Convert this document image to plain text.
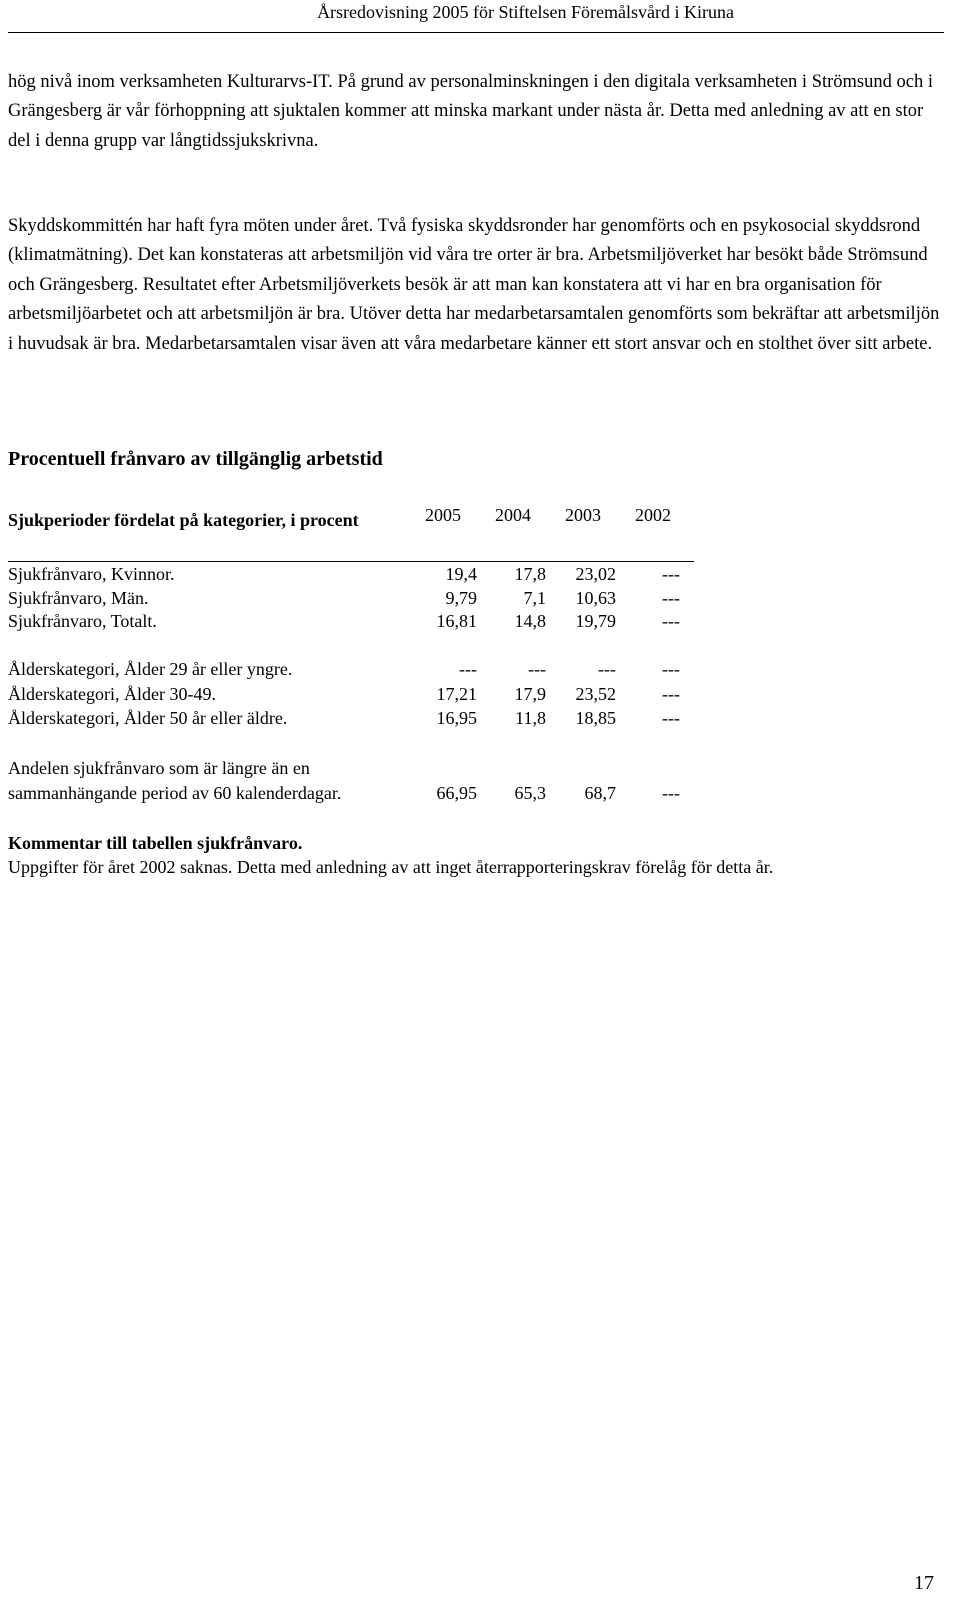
Årsredovisning 2005 för Stiftelsen Föremålsvård i Kiruna

hög nivå inom verksamheten Kulturarvs-IT. På grund av personalminskningen i den digitala verksamheten i Strömsund och i Grängesberg är vår förhoppning att sjuktalen kommer att minska markant under nästa år. Detta med anledning av att en stor del i denna grupp var långtidssjukskrivna.

Skyddskommittén har haft fyra möten under året. Två fysiska skyddsronder har genomförts och en psykosocial skyddsrond (klimatmätning). Det kan konstateras att arbetsmiljön vid våra tre orter är bra. Arbetsmiljöverket har besökt både Strömsund och Grängesberg. Resultatet efter Arbetsmiljöverkets besök är att man kan konstatera att vi har en bra organisation för arbetsmiljöarbetet och att arbetsmiljön är bra. Utöver detta har medarbetarsamtalen genomförts som bekräftar att arbetsmiljön i huvudsak är bra. Medarbetarsamtalen visar även att våra medarbetare känner ett stort ansvar och en stolthet över sitt arbete.

Procentuell frånvaro av tillgänglig arbetstid
Sjukperioder fördelat på kategorier, i procent	2005	2004	2003	2002
Sjukfrånvaro, Kvinnor.	19,4	17,8	23,02	---
Sjukfrånvaro, Män.	9,79	7,1	10,63	---
Sjukfrånvaro, Totalt.	16,81	14,8	19,79	---
Ålderskategori, Ålder 29 år eller yngre.	---	---	---	---
Ålderskategori, Ålder 30-49.	17,21	17,9	23,52	---
Ålderskategori, Ålder 50 år eller äldre.	16,95	11,8	18,85	---
Andelen sjukfrånvaro som är längre än en
sammanhängande period av 60 kalenderdagar.	66,95	65,3	68,7	---

Kommentar till tabellen sjukfrånvaro.

Uppgifter för året 2002 saknas. Detta med anledning av att inget återrapporteringskrav förelåg för detta år.

17
